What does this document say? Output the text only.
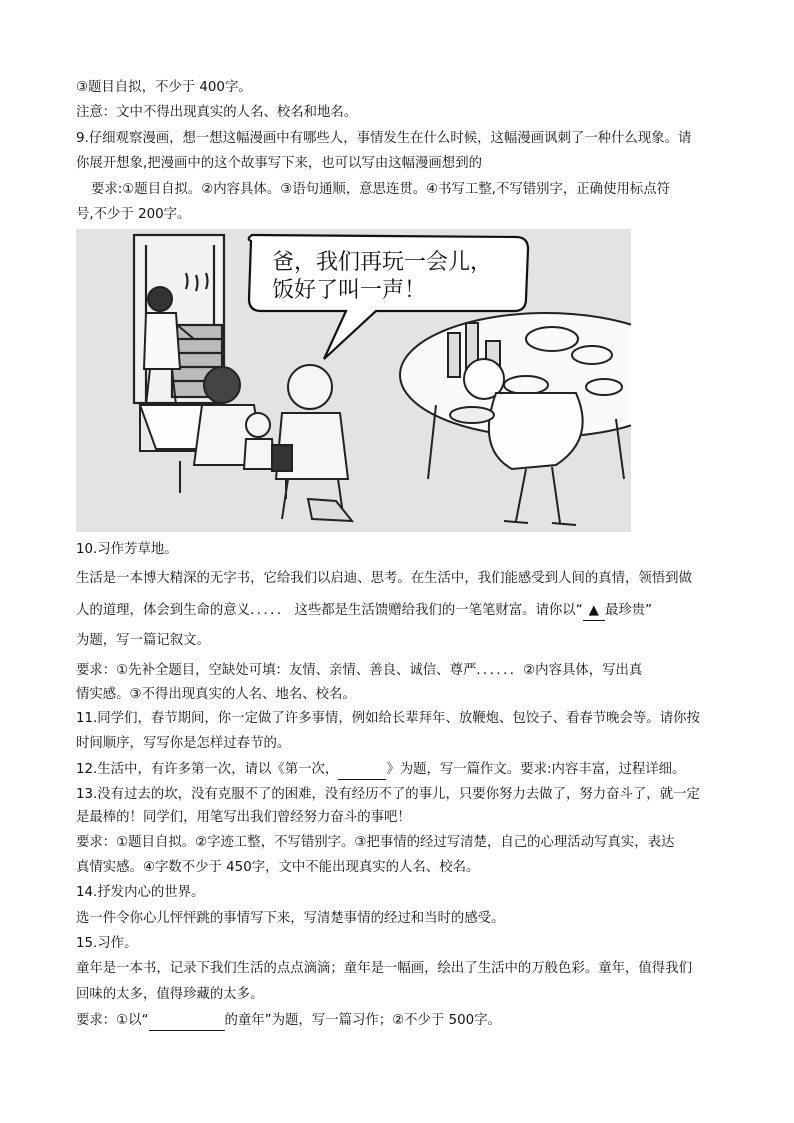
③题目自拟，不少于 400字。
注意：文中不得出现真实的人名、校名和地名。
9.仔细观察漫画，想一想这幅漫画中有哪些人，事情发生在什么时候，这幅漫画讽刺了一种什么现象。请
你展开想象,把漫画中的这个故事写下来，也可以写由这幅漫画想到的
要求:①题目自拟。②内容具体。③语句通顺，意思连贯。④书写工整,不写错别字，正确使用标点符
号,不少于 200字。
爸，我们再玩一会儿，
饭好了叫一声！
10.习作芳草地。
生活是一本博大精深的无字书，它给我们以启迪、思考。在生活中，我们能感受到人间的真情，领悟到做
人的道理，体会到生命的意义．．．．． 这些都是生活馈赠给我们的一笔笔财富。请你以“ ▲ 最珍贵”
为题，写一篇记叙文。
要求：①先补全题目，空缺处可填：友情、亲情、善良、诚信、尊严．．．．．．②内容具体，写出真
情实感。③不得出现真实的人名、地名、校名。
11.同学们，春节期间，你一定做了许多事情，例如给长辈拜年、放鞭炮、包饺子、看春节晚会等。请你按
时间顺序，写写你是怎样过春节的。
12.生活中，有许多第一次，请以《第一次，	》为题，写一篇作文。要求:内容丰富，过程详细。
13.没有过去的坎，没有克服不了的困难，没有经历不了的事儿，只要你努力去做了，努力奋斗了，就一定
是最棒的！同学们，用笔写出我们曾经努力奋斗的事吧！
要求：①题目自拟。②字迹工整，不写错别字。③把事情的经过写清楚，自己的心理活动写真实，表达
真情实感。④字数不少于 450字，文中不能出现真实的人名、校名。
14.抒发内心的世界。
选一件令你心儿怦怦跳的事情写下来，写清楚事情的经过和当时的感受。
15.习作。
童年是一本书，记录下我们生活的点点滴滴；童年是一幅画，绘出了生活中的万般色彩。童年，值得我们
回味的太多，值得珍藏的太多。
要求：①以“	的童年”为题，写一篇习作；②不少于 500字。
